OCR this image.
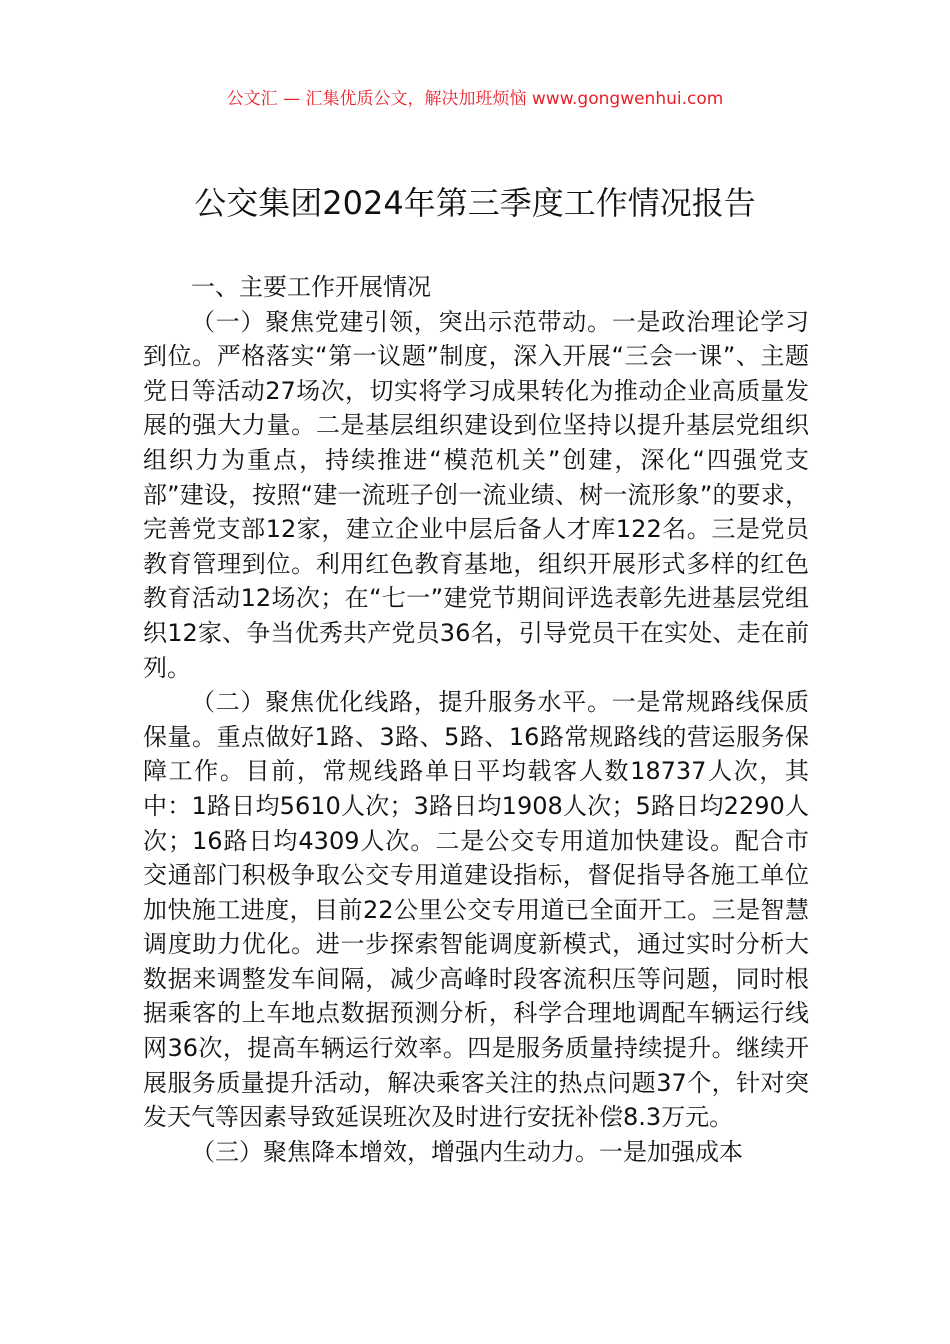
公文汇 — 汇集优质公文，解决加班烦恼 www.gongwenhui.com
公交集团2024年第三季度工作情况报告

一、主要工作开展情况

（一）聚焦党建引领，突出示范带动。一是政治理论学习到位。严格落实“第一议题”制度，深入开展“三会一课”、主题党日等活动27场次，切实将学习成果转化为推动企业高质量发展的强大力量。二是基层组织建设到位坚持以提升基层党组织组织力为重点，持续推进“模范机关”创建，深化“四强党支部”建设，按照“建一流班子创一流业绩、树一流形象”的要求，完善党支部12家，建立企业中层后备人才库122名。三是党员教育管理到位。利用红色教育基地，组织开展形式多样的红色教育活动12场次；在“七一”建党节期间评选表彰先进基层党组织12家、争当优秀共产党员36名，引导党员干在实处、走在前列。

（二）聚焦优化线路，提升服务水平。一是常规路线保质保量。重点做好1路、3路、5路、16路常规路线的营运服务保障工作。目前，常规线路单日平均载客人数18737人次，其中：1路日均5610人次；3路日均1908人次；5路日均2290人次；16路日均4309人次。二是公交专用道加快建设。配合市交通部门积极争取公交专用道建设指标，督促指导各施工单位加快施工进度，目前22公里公交专用道已全面开工。三是智慧调度助力优化。进一步探索智能调度新模式，通过实时分析大数据来调整发车间隔，减少高峰时段客流积压等问题，同时根据乘客的上车地点数据预测分析，科学合理地调配车辆运行线网36次，提高车辆运行效率。四是服务质量持续提升。继续开展服务质量提升活动，解决乘客关注的热点问题37个，针对突发天气等因素导致延误班次及时进行安抚补偿8.3万元。

（三）聚焦降本增效，增强内生动力。一是加强成本
